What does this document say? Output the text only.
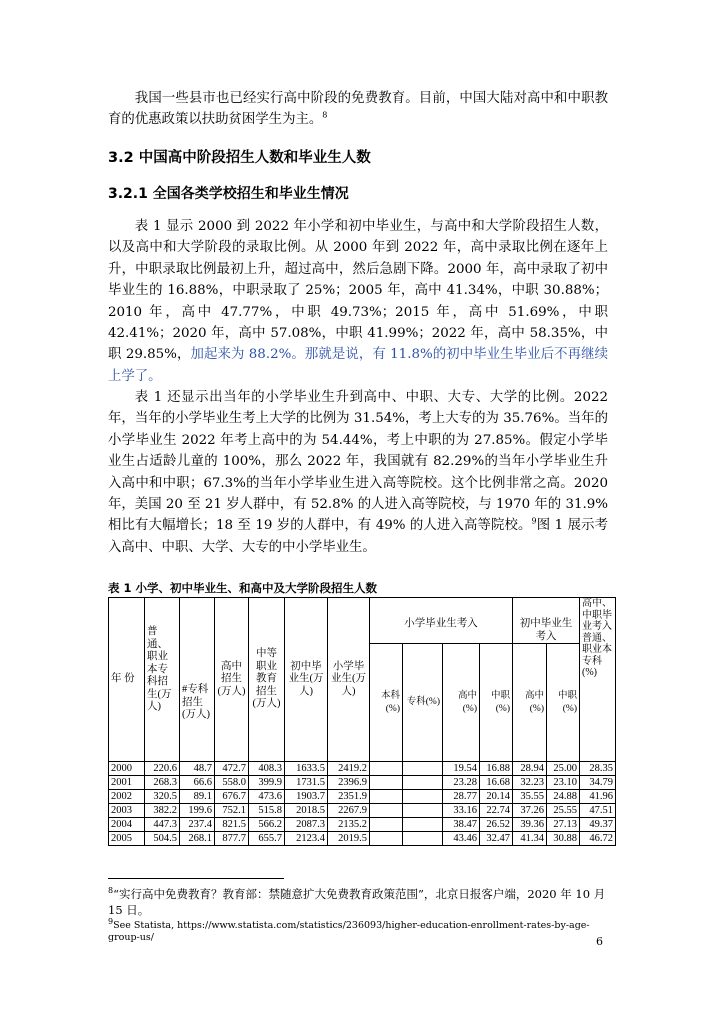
我国一些县市也已经实行高中阶段的免费教育。目前，中国大陆对高中和中职教育的优惠政策以扶助贫困学生为主。$^8$
3.2 中国高中阶段招生人数和毕业生人数
3.2.1 全国各类学校招生和毕业生情况
表 1 显示 2000 到 2022 年小学和初中毕业生，与高中和大学阶段招生人数，以及高中和大学阶段的录取比例。从 2000 年到 2022 年，高中录取比例在逐年上升，中职录取比例最初上升，超过高中，然后急剧下降。2000 年，高中录取了初中毕业生的 16.88%，中职录取了 25%；2005 年，高中 41.34%，中职 30.88%；2010 年，高中 47.77%，中职 49.73%；2015 年，高中 51.69%，中职 42.41%；2020 年，高中 57.08%，中职 41.99%；2022 年，高中 58.35%，中职 29.85%，加起来为 88.2%。那就是说，有 11.8%的初中毕业生毕业后不再继续上学了。
表 1 还显示出当年的小学毕业生升到高中、中职、大专、大学的比例。2022 年，当年的小学毕业生考上大学的比例为 31.54%，考上大专的为 35.76%。当年的小学毕业生 2022 年考上高中的为 54.44%，考上中职的为 27.85%。假定小学毕业生占适龄儿童的 100%，那么 2022 年，我国就有 82.29%的当年小学毕业生升入高中和中职；67.3%的当年小学毕业生进入高等院校。这个比例非常之高。2020 年，美国 20 至 21 岁人群中，有 52.8% 的人进入高等院校，与 1970 年的 31.9% 相比有大幅增长；18 至 19 岁的人群中，有 49% 的人进入高等院校。$^9$图 1 展示考入高中、中职、大学、大专的中小学毕业生。
表 1 小学、初中毕业生、和高中及大学阶段招生人数
年 份	普通、职业本专科招生(万人)	#专科招生(万人)	高中招生(万人)	中等职业教育招生(万人)	初中毕业生(万人)	小学毕业生(万人)	小学毕业生考入				初中毕业生考入		高中、中职毕业考入普通、职业本专科(%)
							本科(%)	专科(%)	高中(%)	中职(%)	高中(%)	中职(%)	
2000	220.6	48.7	472.7	408.3	1633.5	2419.2			19.54	16.88	28.94	25.00	28.35
2001	268.3	66.6	558.0	399.9	1731.5	2396.9			23.28	16.68	32.23	23.10	34.79
2002	320.5	89.1	676.7	473.6	1903.7	2351.9			28.77	20.14	35.55	24.88	41.96
2003	382.2	199.6	752.1	515.8	2018.5	2267.9			33.16	22.74	37.26	25.55	47.51
2004	447.3	237.4	821.5	566.2	2087.3	2135.2			38.47	26.52	39.36	27.13	49.37
2005	504.5	268.1	877.7	655.7	2123.4	2019.5			43.46	32.47	41.34	30.88	46.72
$^8$“实行高中免费教育？教育部：禁随意扩大免费教育政策范围”，北京日报客户端，2020 年 10 月 15 日。
$^9$See Statista, https://www.statista.com/statistics/236093/higher-education-enrollment-rates-by-age-group-us/	6
